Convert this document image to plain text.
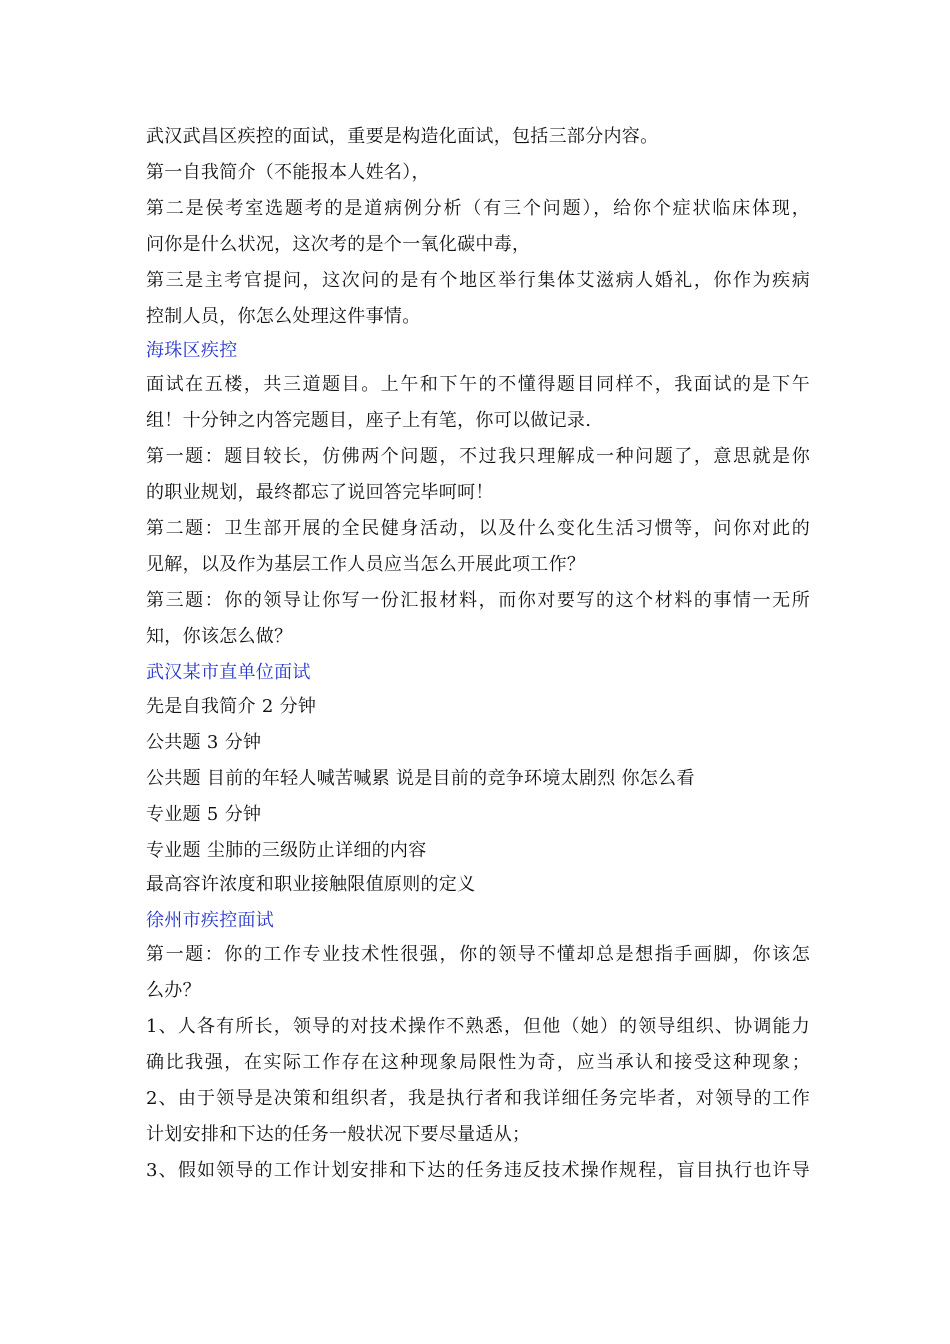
武汉武昌区疾控的面试，重要是构造化面试，包括三部分内容。
第一自我简介（不能报本人姓名），
第二是侯考室选题考的是道病例分析（有三个问题），给你个症状临床体现，
问你是什么状况，这次考的是个一氧化碳中毒，
第三是主考官提问，这次问的是有个地区举行集体艾滋病人婚礼，你作为疾病
控制人员，你怎么处理这件事情。
海珠区疾控
面试在五楼，共三道题目。上午和下午的不懂得题目同样不，我面试的是下午
组！十分钟之内答完题目，座子上有笔，你可以做记录.
第一题：题目较长，仿佛两个问题，不过我只理解成一种问题了，意思就是你
的职业规划，最终都忘了说回答完毕呵呵！
第二题：卫生部开展的全民健身活动，以及什么变化生活习惯等，问你对此的
见解，以及作为基层工作人员应当怎么开展此项工作？
第三题：你的领导让你写一份汇报材料，而你对要写的这个材料的事情一无所
知，你该怎么做？
武汉某市直单位面试
先是自我简介 2 分钟
公共题 3 分钟
公共题 目前的年轻人喊苦喊累 说是目前的竞争环境太剧烈 你怎么看
专业题 5 分钟
专业题 尘肺的三级防止详细的内容
最高容许浓度和职业接触限值原则的定义
徐州市疾控面试
第一题：你的工作专业技术性很强，你的领导不懂却总是想指手画脚，你该怎
么办？
1、人各有所长，领导的对技术操作不熟悉，但他（她）的领导组织、协调能力
确比我强，在实际工作存在这种现象局限性为奇，应当承认和接受这种现象；
2、由于领导是决策和组织者，我是执行者和我详细任务完毕者，对领导的工作
计划安排和下达的任务一般状况下要尽量适从；
3、假如领导的工作计划安排和下达的任务违反技术操作规程，盲目执行也许导
